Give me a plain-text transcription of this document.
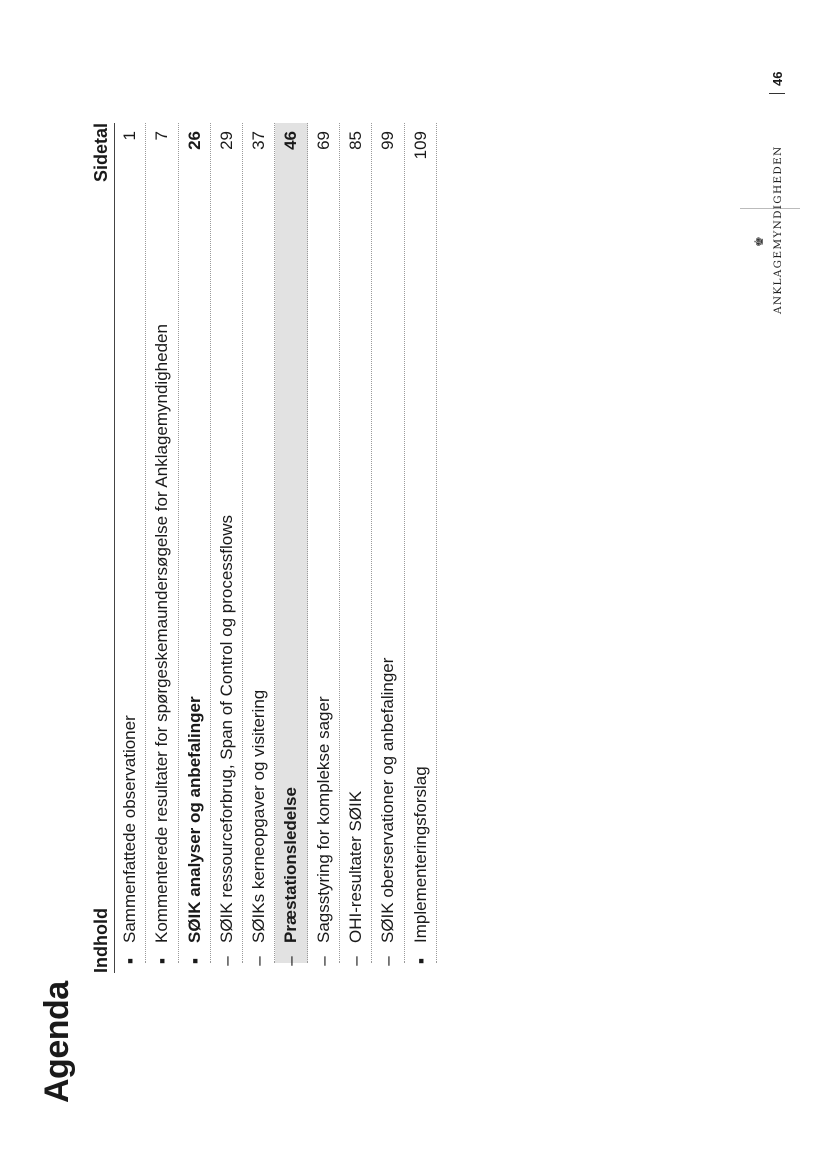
Agenda
Indhold
Sidetal
■
Sammenfattede observationer
1
■
Kommenterede resultater for spørgeskemaundersøgelse for Anklagemyndigheden
7
■
SØIK analyser og anbefalinger
26
–
SØIK ressourceforbrug, Span of Control og processflows
29
–
SØIKs kerneopgaver og visitering
37
–
Præstationsledelse
46
–
Sagsstyring for komplekse sager
69
–
OHI-resultater SØIK
85
–
SØIK oberservationer og anbefalinger
99
■
Implementeringsforslag
109
♚ ANKLAGEMYNDIGHEDEN
46
